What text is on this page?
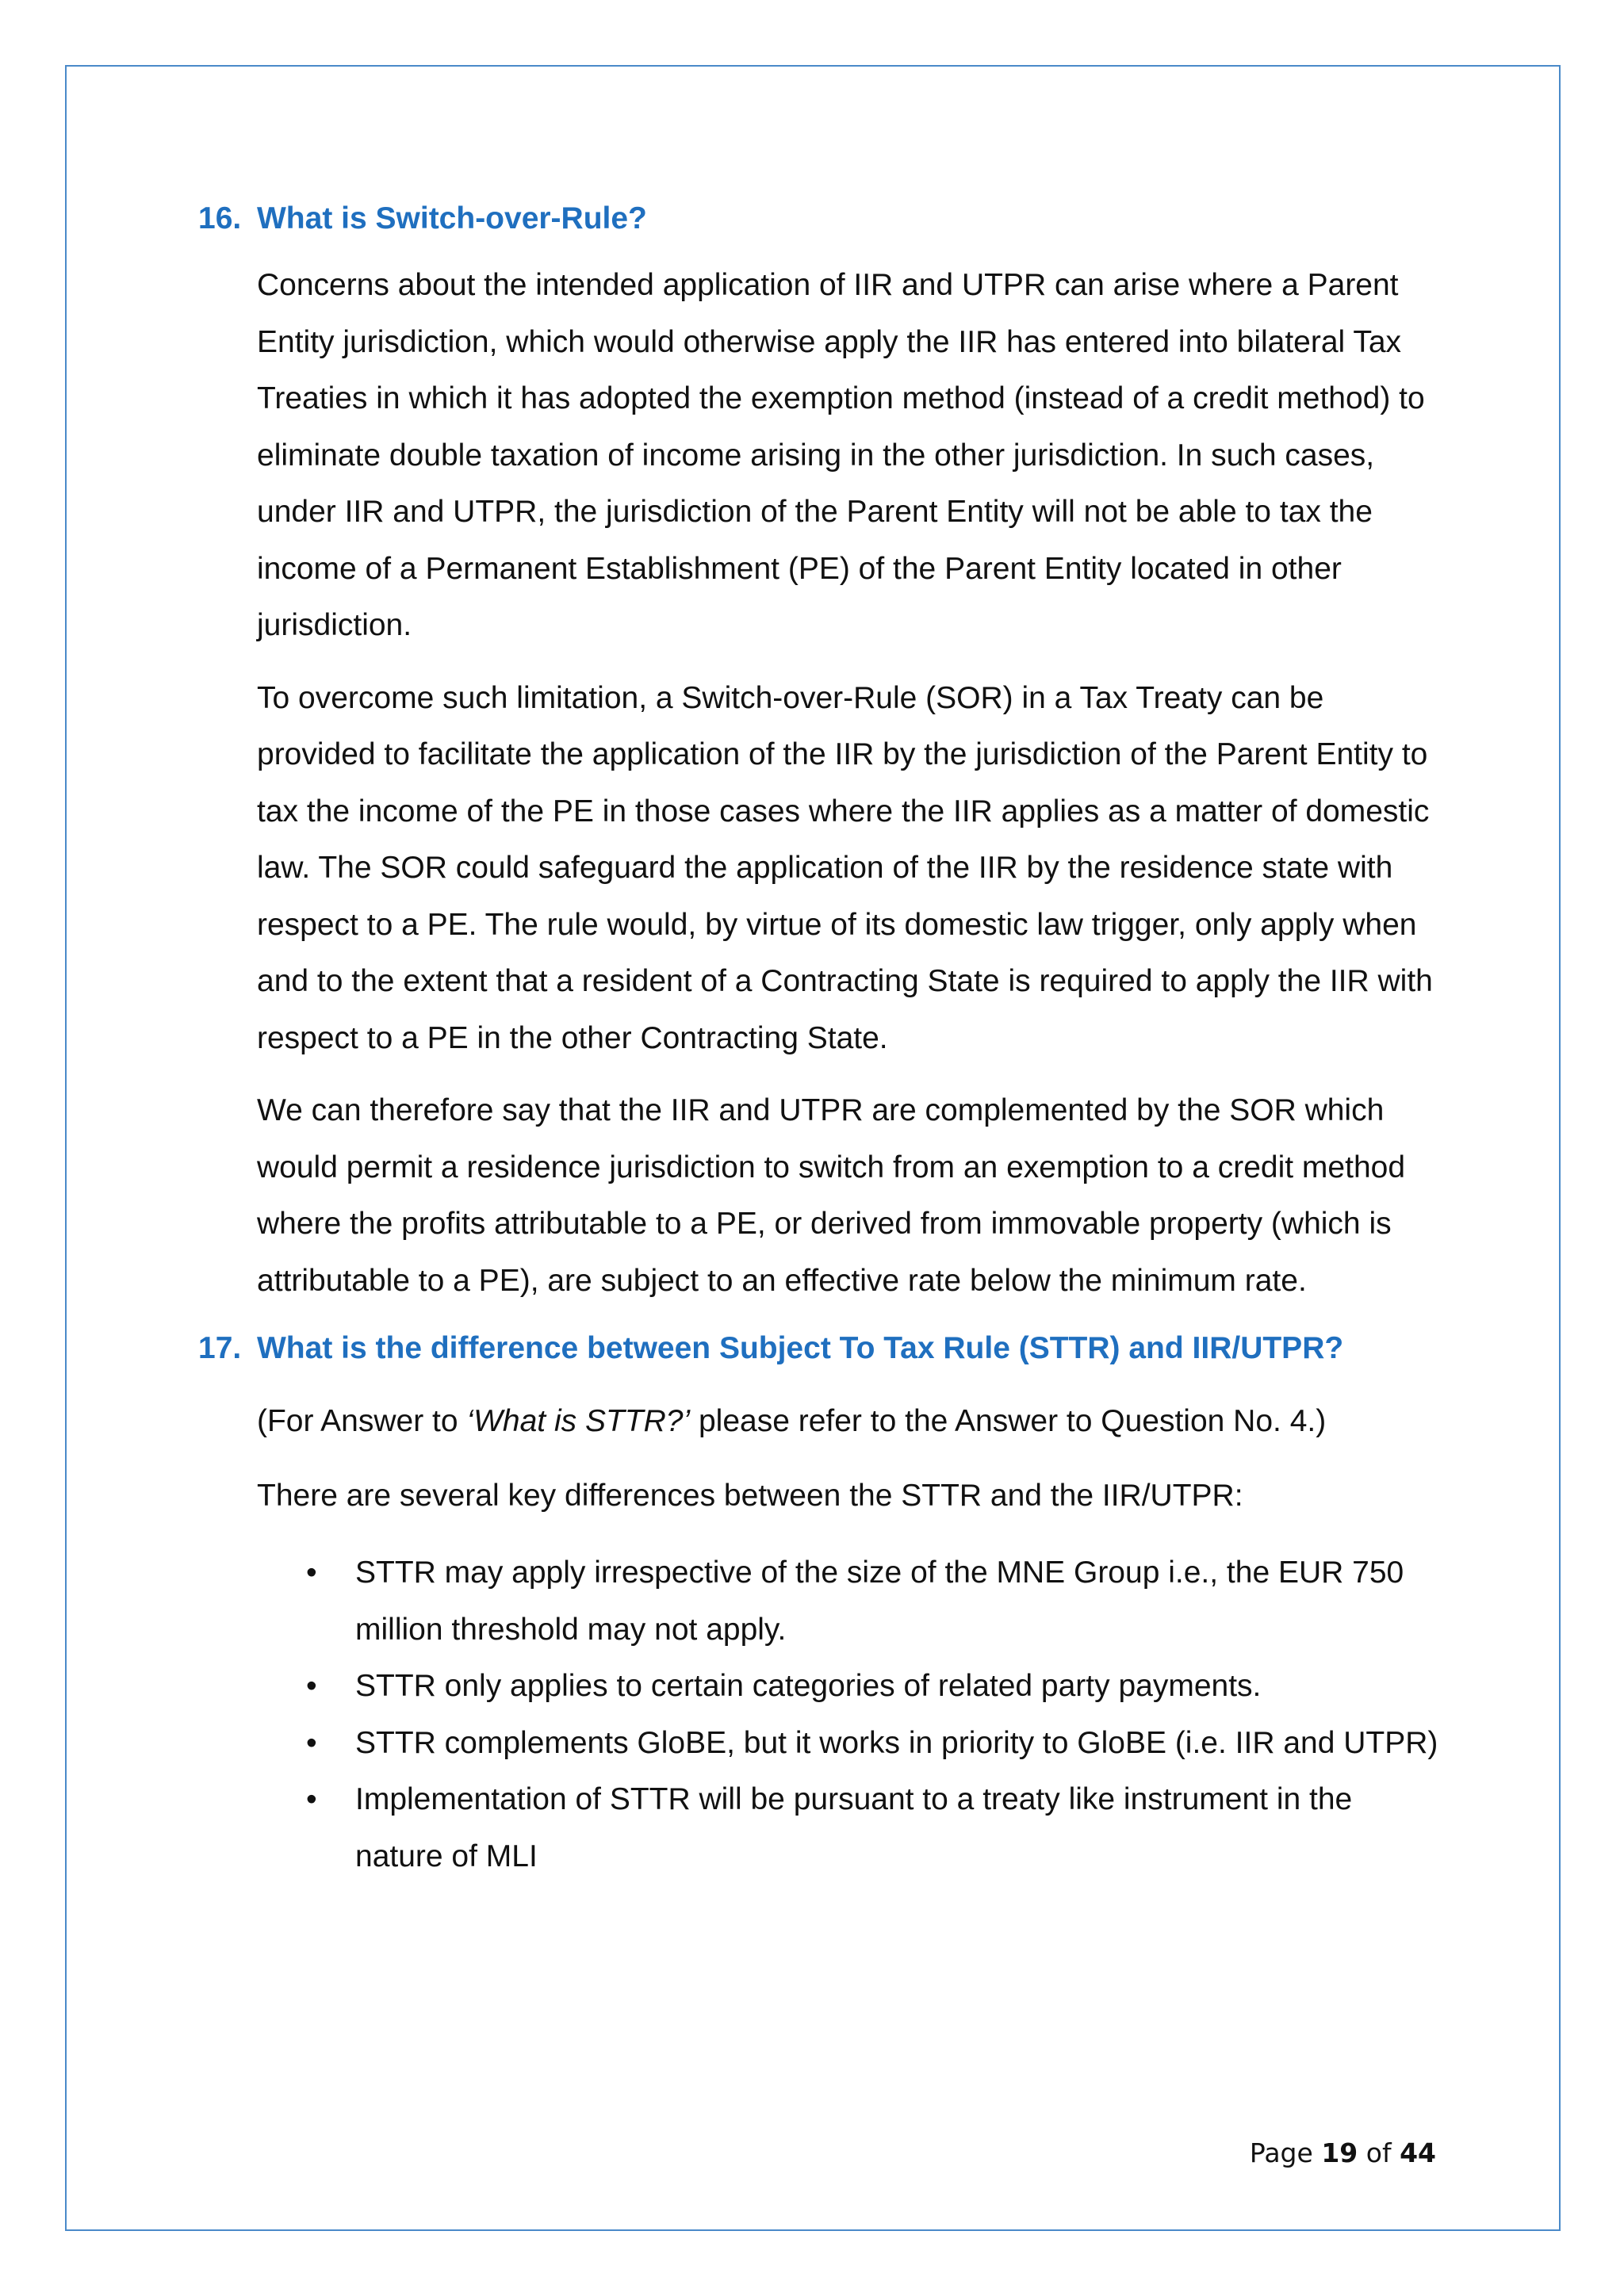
16. What is Switch-over-Rule?

Concerns about the intended application of IIR and UTPR can arise where a Parent Entity jurisdiction, which would otherwise apply the IIR has entered into bilateral Tax Treaties in which it has adopted the exemption method (instead of a credit method) to eliminate double taxation of income arising in the other jurisdiction. In such cases, under IIR and UTPR, the jurisdiction of the Parent Entity will not be able to tax the income of a Permanent Establishment (PE) of the Parent Entity located in other jurisdiction.

To overcome such limitation, a Switch-over-Rule (SOR) in a Tax Treaty can be provided to facilitate the application of the IIR by the jurisdiction of the Parent Entity to tax the income of the PE in those cases where the IIR applies as a matter of domestic law. The SOR could safeguard the application of the IIR by the residence state with respect to a PE. The rule would, by virtue of its domestic law trigger, only apply when and to the extent that a resident of a Contracting State is required to apply the IIR with respect to a PE in the other Contracting State.

We can therefore say that the IIR and UTPR are complemented by the SOR which would permit a residence jurisdiction to switch from an exemption to a credit method where the profits attributable to a PE, or derived from immovable property (which is attributable to a PE), are subject to an effective rate below the minimum rate.

17. What is the difference between Subject To Tax Rule (STTR) and IIR/UTPR?

(For Answer to ‘What is STTR?’ please refer to the Answer to Question No. 4.)

There are several key differences between the STTR and the IIR/UTPR:

•	STTR may apply irrespective of the size of the MNE Group i.e., the EUR 750 million threshold may not apply.
•	STTR only applies to certain categories of related party payments.
•	STTR complements GloBE, but it works in priority to GloBE (i.e. IIR and UTPR)
•	Implementation of STTR will be pursuant to a treaty like instrument in the nature of MLI
Page 19 of 44
